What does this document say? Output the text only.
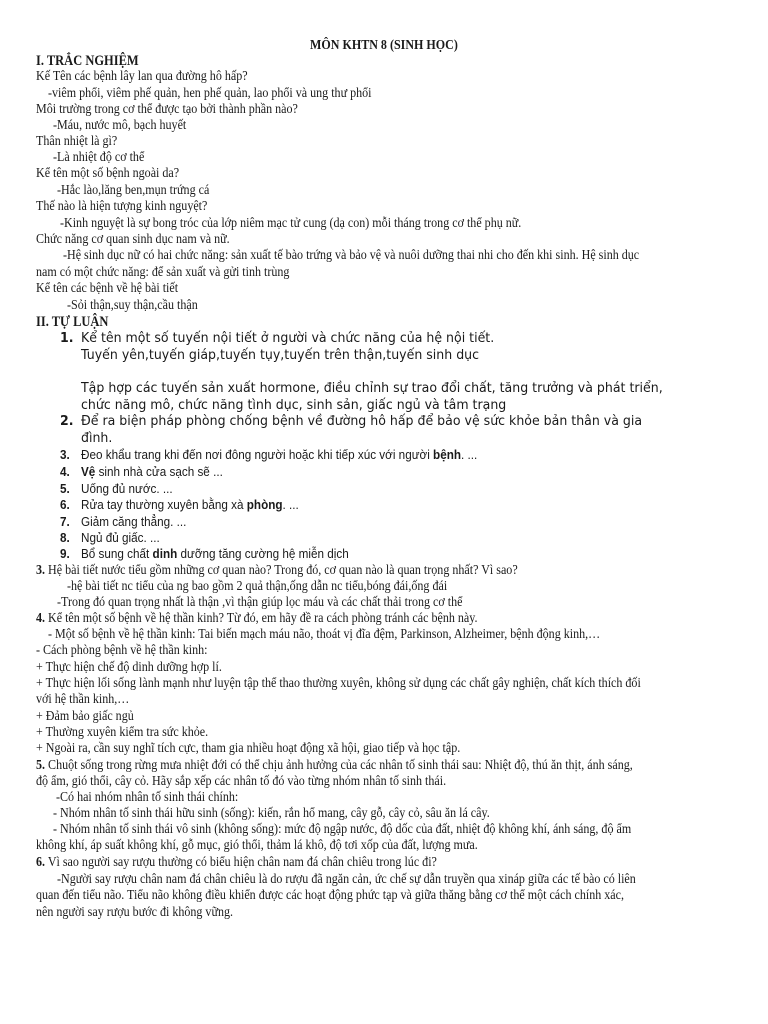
MÔN KHTN 8 (SINH HỌC)
I. TRẮC NGHIỆM
Kế Tên các bệnh lây lan qua đường hô hấp?
-viêm phổi, viêm phế quản, hen phế quản, lao phổi và ung thư phổi
Môi trường trong cơ thể được tạo bởi thành phần nào?
-Máu, nước mô, bạch huyết
Thân nhiệt là gì?
-Là nhiệt độ cơ thể
Kể tên một số bệnh ngoài da?
-Hắc lào,lăng ben,mụn trứng cá
Thế nào là hiện tượng kinh nguyệt?
-Kinh nguyệt là sự bong tróc của lớp niêm mạc tử cung (dạ con) mỗi tháng trong cơ thể phụ nữ.
Chức năng cơ quan sinh dục nam và nữ.
-Hệ sinh dục nữ có hai chức năng: sản xuất tế bào trứng và bảo vệ và nuôi dưỡng thai nhi cho đến khi sinh. Hệ sinh dục
nam có một chức năng: để sản xuất và gửi tinh trùng
Kể tên các bệnh về hệ bài tiết
-Sỏi thận,suy thận,cầu thận
II. TỰ LUẬN
1. Kể tên một số tuyến nội tiết ở người và chức năng của hệ nội tiết.
Tuyến yên,tuyến giáp,tuyến tụy,tuyến trên thận,tuyến sinh dục
Tập hợp các tuyến sản xuất hormone, điều chỉnh sự trao đổi chất, tăng trưởng và phát triển,
chức năng mô, chức năng tình dục, sinh sản, giấc ngủ và tâm trạng
2. Để ra biện pháp phòng chống bệnh về đường hô hấp để bảo vệ sức khỏe bản thân và gia
đình.
3. Đeo khẩu trang khi đến nơi đông người hoặc khi tiếp xúc với người bệnh. ...
4. Vệ sinh nhà cửa sạch sẽ ...
5. Uống đủ nước. ...
6. Rửa tay thường xuyên bằng xà phòng. ...
7. Giảm căng thẳng. ...
8. Ngủ đủ giấc. ...
9. Bổ sung chất dinh dưỡng tăng cường hệ miễn dịch
3. Hệ bài tiết nước tiểu gồm những cơ quan nào? Trong đó, cơ quan nào là quan trọng nhất? Vì sao?
-hệ bài tiết nc tiểu của ng bao gồm 2 quả thận,ống dẫn nc tiểu,bóng đái,ống đái
-Trong đó quan trọng nhất là thận ,vì thận giúp lọc máu và các chất thải trong cơ thể
4. Kể tên một số bệnh về hệ thần kinh? Từ đó, em hãy đề ra cách phòng tránh các bệnh này.
- Một số bệnh về hệ thần kinh: Tai biến mạch máu não, thoát vị đĩa đệm, Parkinson, Alzheimer, bệnh động kinh,…
- Cách phòng bệnh về hệ thần kinh:
+ Thực hiện chế độ dinh dưỡng hợp lí.
+ Thực hiện lối sống lành mạnh như luyện tập thể thao thường xuyên, không sử dụng các chất gây nghiện, chất kích thích đối
với hệ thần kinh,…
+ Đảm bảo giấc ngủ
+ Thường xuyên kiểm tra sức khỏe.
+ Ngoài ra, cần suy nghĩ tích cực, tham gia nhiều hoạt động xã hội, giao tiếp và học tập.
5. Chuột sống trong rừng mưa nhiệt đới có thể chịu ảnh hưởng của các nhân tố sinh thái sau: Nhiệt độ, thú ăn thịt, ánh sáng,
độ ẩm, gió thổi, cây cỏ. Hãy sắp xếp các nhân tố đó vào từng nhóm nhân tố sinh thái.
-Có hai nhóm nhân tố sinh thái chính:
- Nhóm nhân tố sinh thái hữu sinh (sống): kiến, rắn hổ mang, cây gỗ, cây cỏ, sâu ăn lá cây.
- Nhóm nhân tố sinh thái vô sinh (không sống): mức độ ngập nước, độ dốc của đất, nhiệt độ không khí, ánh sáng, độ ẩm
không khí, áp suất không khí, gỗ mục, gió thổi, thảm lá khô, độ tơi xốp của đất, lượng mưa.
6. Vì sao người say rượu thường có biểu hiện chân nam đá chân chiêu trong lúc đi?
-Người say rượu chân nam đá chân chiêu là do rượu đã ngăn cản, ức chế sự dẫn truyền qua xináp giữa các tế bào có liên
quan đến tiểu não. Tiểu não không điều khiển được các hoạt động phức tạp và giữa thăng bằng cơ thể một cách chính xác,
nên người say rượu bước đi không vững.
